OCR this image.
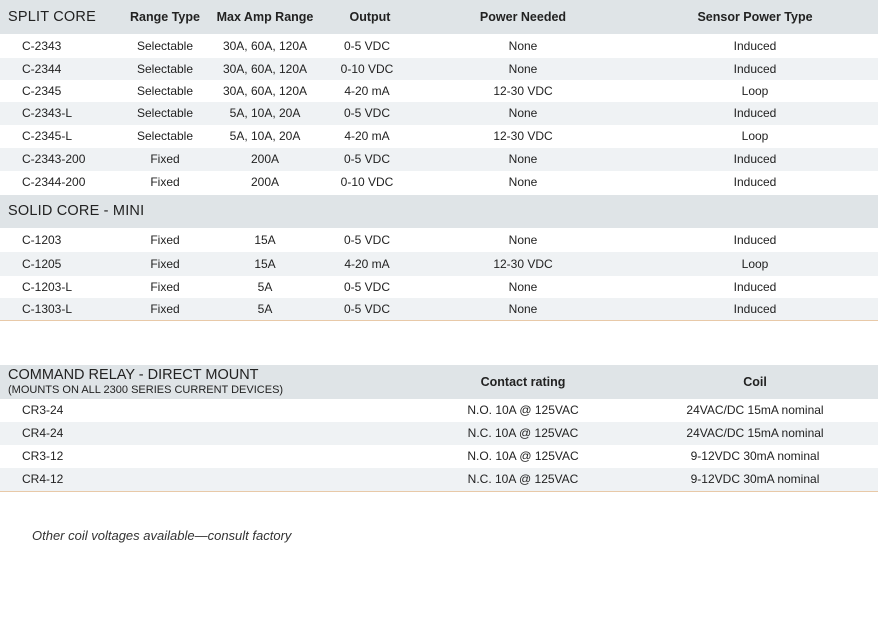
SPLIT CORE	Range Type	Max Amp Range	Output	Power Needed	Sensor Power Type
C-2343	Selectable	30A, 60A, 120A	0-5 VDC	None	Induced
C-2344	Selectable	30A, 60A, 120A	0-10 VDC	None	Induced
C-2345	Selectable	30A, 60A, 120A	4-20 mA	12-30 VDC	Loop
C-2343-L	Selectable	5A, 10A, 20A	0-5 VDC	None	Induced
C-2345-L	Selectable	5A, 10A, 20A	4-20 mA	12-30 VDC	Loop
C-2343-200	Fixed	200A	0-5 VDC	None	Induced
C-2344-200	Fixed	200A	0-10 VDC	None	Induced
SOLID CORE - MINI
C-1203	Fixed	15A	0-5 VDC	None	Induced
C-1205	Fixed	15A	4-20 mA	12-30 VDC	Loop
C-1203-L	Fixed	5A	0-5 VDC	None	Induced
C-1303-L	Fixed	5A	0-5 VDC	None	Induced
COMMAND RELAY - DIRECT MOUNT
(MOUNTS ON ALL 2300 SERIES CURRENT DEVICES)
Contact rating	Coil
CR3-24	N.O. 10A @ 125VAC	24VAC/DC 15mA nominal
CR4-24	N.C. 10A @ 125VAC	24VAC/DC 15mA nominal
CR3-12	N.O. 10A @ 125VAC	9-12VDC 30mA nominal
CR4-12	N.C. 10A @ 125VAC	9-12VDC 30mA nominal
Other coil voltages available—consult factory
